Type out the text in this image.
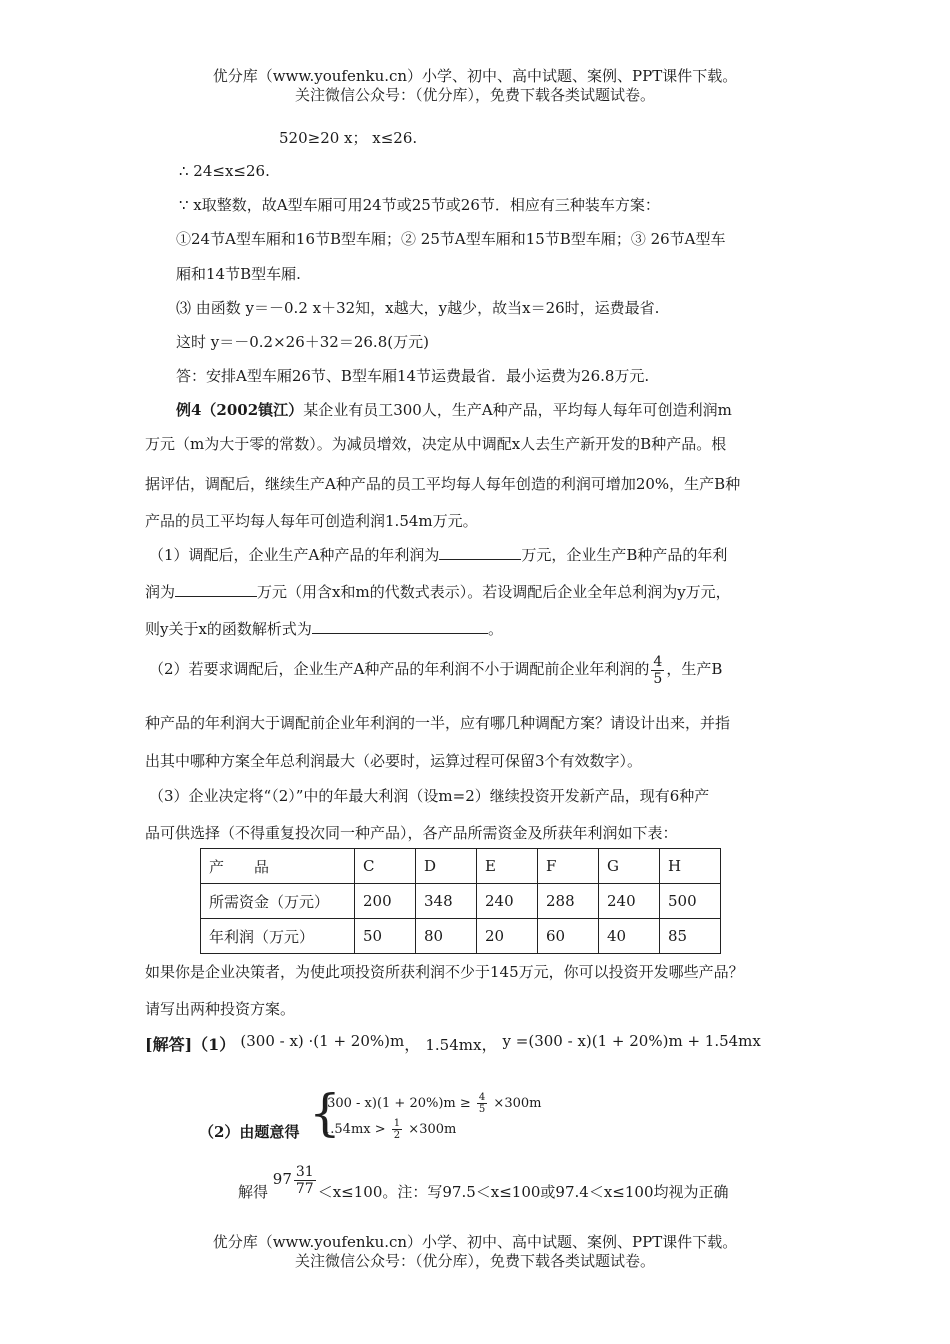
优分库（www.youfenku.cn）小学、初中、高中试题、案例、PPT课件下载。
关注微信公众号：（优分库），免费下载各类试题试卷。
520≥20 x； x≤26.
∴ 24≤x≤26.
∵ x取整数，故A型车厢可用24节或25节或26节．相应有三种装车方案：
①24节A型车厢和16节B型车厢；② 25节A型车厢和15节B型车厢；③ 26节A型车
厢和14节B型车厢.
⑶ 由函数 y＝－0.2 x＋32知，x越大，y越少，故当x＝26时，运费最省.
这时 y＝－0.2×26＋32＝26.8(万元)
答：安排A型车厢26节、B型车厢14节运费最省．最小运费为26.8万元.
例4（2002镇江）某企业有员工300人，生产A种产品，平均每人每年可创造利润m
万元（m为大于零的常数）。为减员增效，决定从中调配x人去生产新开发的B种产品。根
据评估，调配后，继续生产A种产品的员工平均每人每年创造的利润可增加20%，生产B种
产品的员工平均每人每年可创造利润1.54m万元。
（1）调配后，企业生产A种产品的年利润为	万元，企业生产B种产品的年利
润为	万元（用含x和m的代数式表示）。若设调配后企业全年总利润为y万元，
则y关于x的函数解析式为	。
（2）若要求调配后，企业生产A种产品的年利润不小于调配前企业年利润的 $\frac{4}{5}$ ，生产B
种产品的年利润大于调配前企业年利润的一半，应有哪几种调配方案？请设计出来，并指
出其中哪种方案全年总利润最大（必要时，运算过程可保留3个有效数字）。
（3）企业决定将“（2）”中的年最大利润（设m=2）继续投资开发新产品，现有6种产
品可供选择（不得重复投次同一种产品），各产品所需资金及所获年利润如下表：
产　　品	C	D	E	F	G	H
所需资金（万元）	200	348	240	288	240	500
年利润（万元）	50	80	20	60	40	85
如果你是企业决策者，为使此项投资所获利润不少于145万元，你可以投资开发哪些产品？
请写出两种投资方案。
[解答]（1） (300 - x) ·(1 + 20%)m， 1.54mx， y =(300 - x)(1 + 20%)m + 1.54mx
{
$(300 - x)(1 + 20\%)m \ge \frac{4}{5} \times 300m$
$1.54mx > \frac{1}{2} \times 300m$
（2）由题意得
解得 $97 \frac{31}{77} <x\le 100$。注：写97.5＜x≤100或97.4＜x≤100均视为正确
优分库（www.youfenku.cn）小学、初中、高中试题、案例、PPT课件下载。
关注微信公众号：（优分库），免费下载各类试题试卷。
